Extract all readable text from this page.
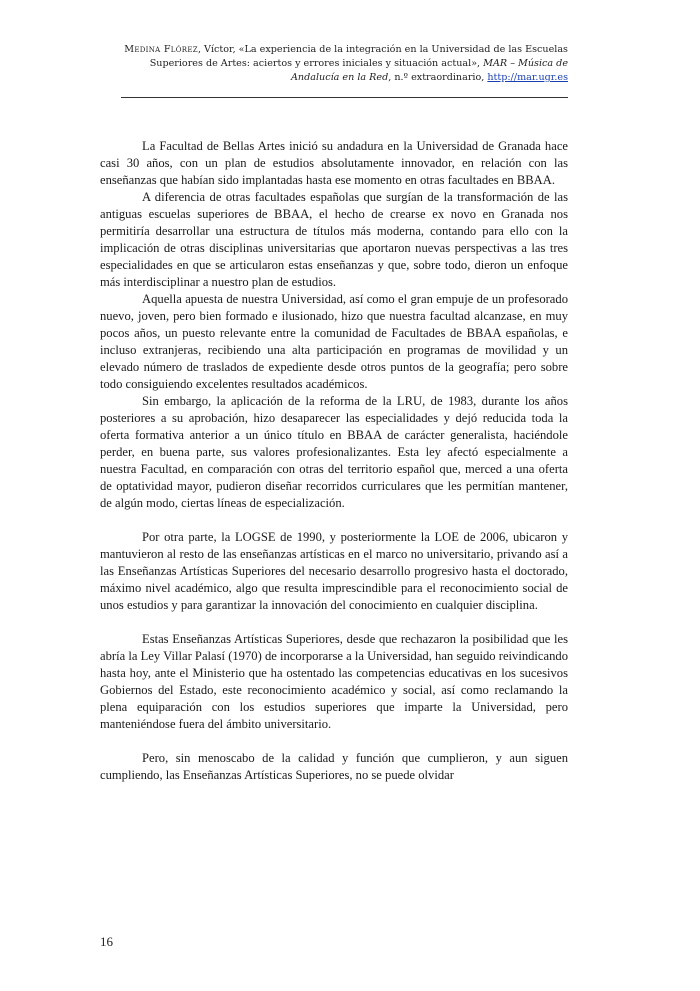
Medina Flórez, Víctor, «La experiencia de la integración en la Universidad de las Escuelas Superiores de Artes: aciertos y errores iniciales y situación actual», MAR – Música de Andalucía en la Red, n.º extraordinario, http://mar.ugr.es

La Facultad de Bellas Artes inició su andadura en la Universidad de Granada hace casi 30 años, con un plan de estudios absolutamente innovador, en relación con las enseñanzas que habían sido implantadas hasta ese momento en otras facultades en BBAA.

A diferencia de otras facultades españolas que surgían de la transformación de las antiguas escuelas superiores de BBAA, el hecho de crearse ex novo en Granada nos permitiría desarrollar una estructura de títulos más moderna, contando para ello con la implicación de otras disciplinas universitarias que aportaron nuevas perspectivas a las tres especialidades en que se articularon estas enseñanzas y que, sobre todo, dieron un enfoque más interdisciplinar a nuestro plan de estudios.

Aquella apuesta de nuestra Universidad, así como el gran empuje de un profesorado nuevo, joven, pero bien formado e ilusionado, hizo que nuestra facultad alcanzase, en muy pocos años, un puesto relevante entre la comunidad de Facultades de BBAA españolas, e incluso extranjeras, recibiendo una alta participación en programas de movilidad y un elevado número de traslados de expediente desde otros puntos de la geografía; pero sobre todo consiguiendo excelentes resultados académicos.

Sin embargo, la aplicación de la reforma de la LRU, de 1983, durante los años posteriores a su aprobación, hizo desaparecer las especialidades y dejó reducida toda la oferta formativa anterior a un único título en BBAA de carácter generalista, haciéndole perder, en buena parte, sus valores profesionalizantes. Esta ley afectó especialmente a nuestra Facultad, en comparación con otras del territorio español que, merced a una oferta de optatividad mayor, pudieron diseñar recorridos curriculares que les permitían mantener, de algún modo, ciertas líneas de especialización.

Por otra parte, la LOGSE de 1990, y posteriormente la LOE de 2006, ubicaron y mantuvieron al resto de las enseñanzas artísticas en el marco no universitario, privando así a las Enseñanzas Artísticas Superiores del necesario desarrollo progresivo hasta el doctorado, máximo nivel académico, algo que resulta imprescindible para el reconocimiento social de unos estudios y para garantizar la innovación del conocimiento en cualquier disciplina.

Estas Enseñanzas Artísticas Superiores, desde que rechazaron la posibilidad que les abría la Ley Villar Palasí (1970) de incorporarse a la Universidad, han seguido reivindicando hasta hoy, ante el Ministerio que ha ostentado las competencias educativas en los sucesivos Gobiernos del Estado, este reconocimiento académico y social, así como reclamando la plena equiparación con los estudios superiores que imparte la Universidad, pero manteniéndose fuera del ámbito universitario.

Pero, sin menoscabo de la calidad y función que cumplieron, y aun siguen cumpliendo, las Enseñanzas Artísticas Superiores, no se puede olvidar

16
